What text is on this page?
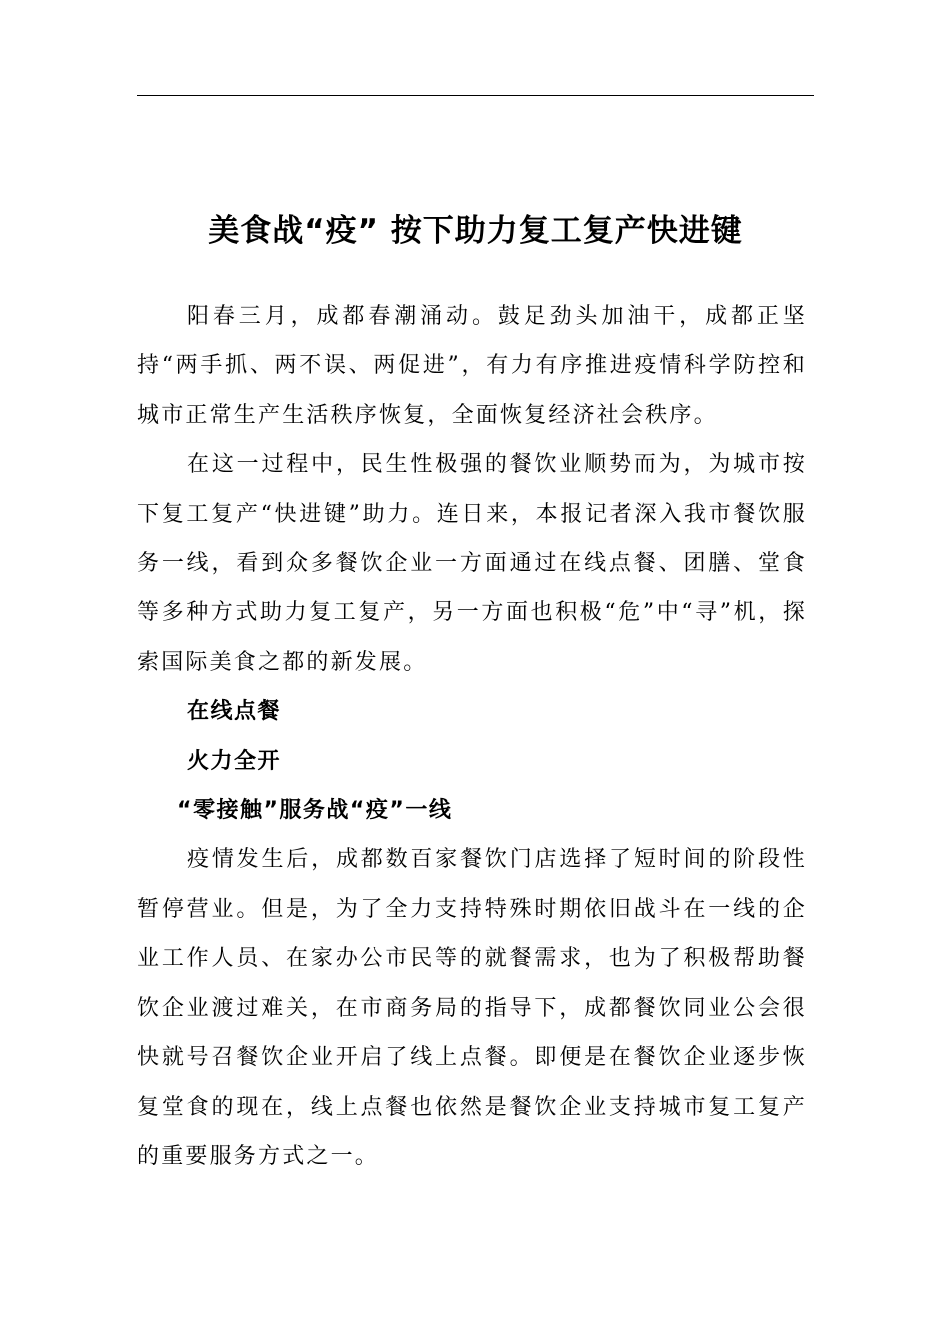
美食战“疫” 按下助力复工复产快进键

阳春三月，成都春潮涌动。鼓足劲头加油干，成都正坚持“两手抓、两不误、两促进”，有力有序推进疫情科学防控和城市正常生产生活秩序恢复，全面恢复经济社会秩序。

在这一过程中，民生性极强的餐饮业顺势而为，为城市按下复工复产“快进键”助力。连日来，本报记者深入我市餐饮服务一线，看到众多餐饮企业一方面通过在线点餐、团膳、堂食等多种方式助力复工复产，另一方面也积极“危”中“寻”机，探索国际美食之都的新发展。

在线点餐

火力全开

“零接触”服务战“疫”一线

疫情发生后，成都数百家餐饮门店选择了短时间的阶段性暂停营业。但是，为了全力支持特殊时期依旧战斗在一线的企业工作人员、在家办公市民等的就餐需求，也为了积极帮助餐饮企业渡过难关，在市商务局的指导下，成都餐饮同业公会很快就号召餐饮企业开启了线上点餐。即便是在餐饮企业逐步恢复堂食的现在，线上点餐也依然是餐饮企业支持城市复工复产的重要服务方式之一。
